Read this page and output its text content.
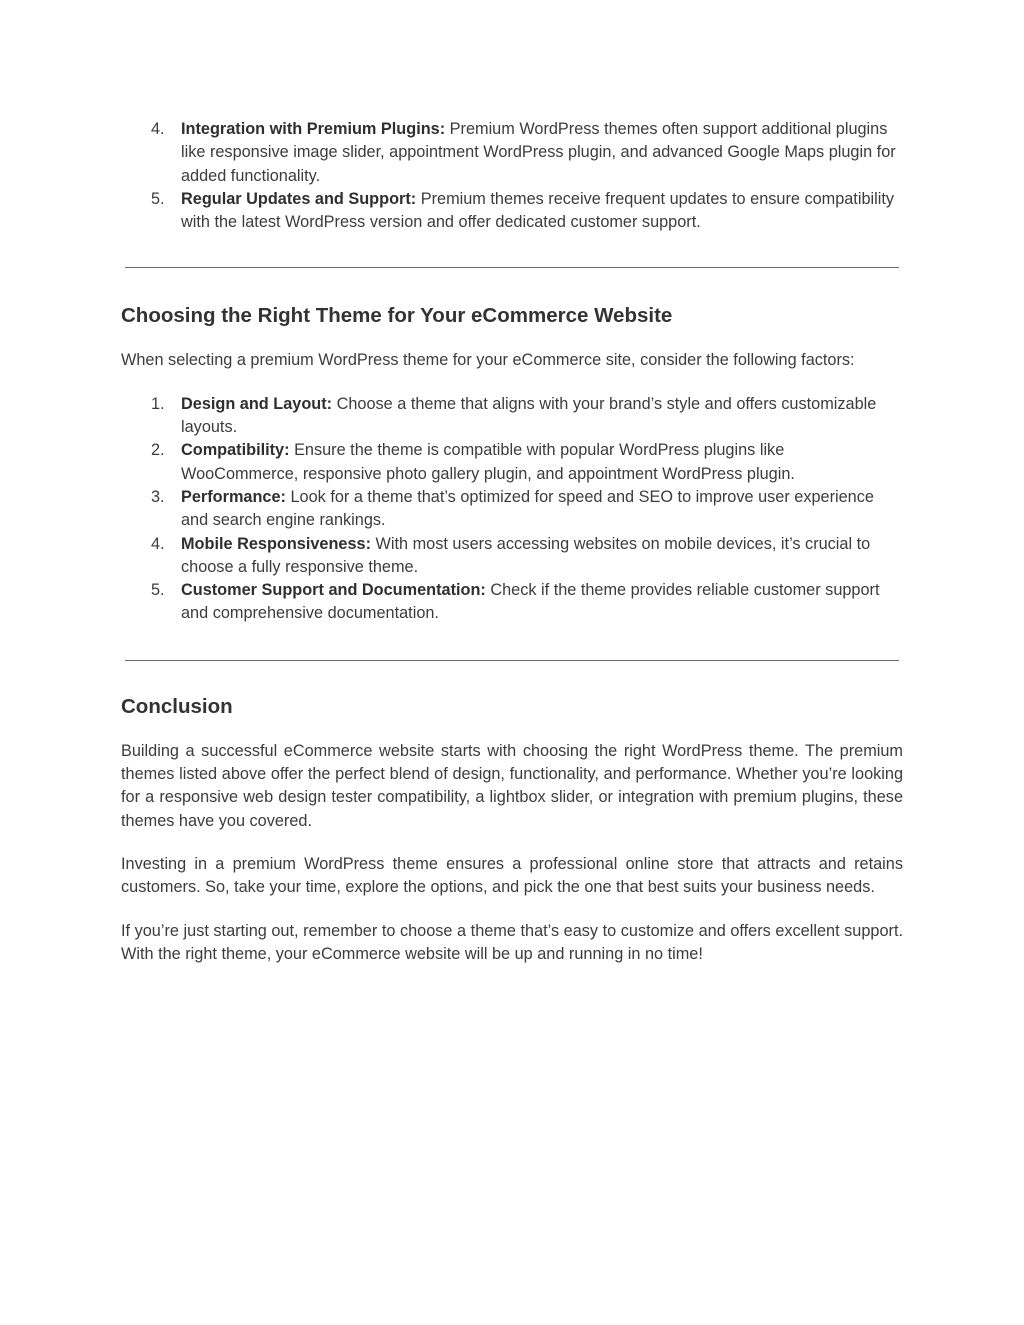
4. Integration with Premium Plugins: Premium WordPress themes often support additional plugins like responsive image slider, appointment WordPress plugin, and advanced Google Maps plugin for added functionality.
5. Regular Updates and Support: Premium themes receive frequent updates to ensure compatibility with the latest WordPress version and offer dedicated customer support.
Choosing the Right Theme for Your eCommerce Website

When selecting a premium WordPress theme for your eCommerce site, consider the following factors:

1. Design and Layout: Choose a theme that aligns with your brand’s style and offers customizable layouts.
2. Compatibility: Ensure the theme is compatible with popular WordPress plugins like WooCommerce, responsive photo gallery plugin, and appointment WordPress plugin.
3. Performance: Look for a theme that’s optimized for speed and SEO to improve user experience and search engine rankings.
4. Mobile Responsiveness: With most users accessing websites on mobile devices, it’s crucial to choose a fully responsive theme.
5. Customer Support and Documentation: Check if the theme provides reliable customer support and comprehensive documentation.
Conclusion

Building a successful eCommerce website starts with choosing the right WordPress theme. The premium themes listed above offer the perfect blend of design, functionality, and performance. Whether you’re looking for a responsive web design tester compatibility, a lightbox slider, or integration with premium plugins, these themes have you covered.

Investing in a premium WordPress theme ensures a professional online store that attracts and retains customers. So, take your time, explore the options, and pick the one that best suits your business needs.

If you’re just starting out, remember to choose a theme that’s easy to customize and offers excellent support. With the right theme, your eCommerce website will be up and running in no time!
